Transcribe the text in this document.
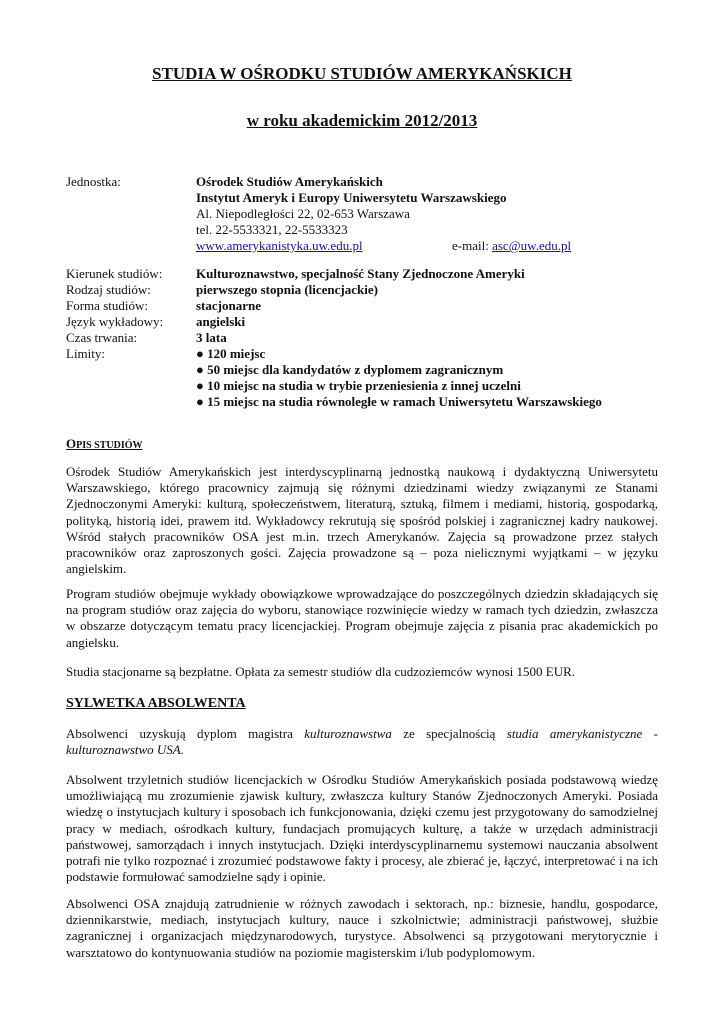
STUDIA W OŚRODKU STUDIÓW AMERYKAŃSKICH
w roku akademickim 2012/2013
Jednostka:	Ośrodek Studiów Amerykańskich
Instytut Ameryk i Europy Uniwersytetu Warszawskiego
Al. Niepodległości 22, 02-653 Warszawa
tel. 22-5533321, 22-5533323
www.amerykanistyka.uw.edu.pl	e-mail: asc@uw.edu.pl
Kierunek studiów:	Kulturoznawstwo, specjalność Stany Zjednoczone Ameryki
Rodzaj studiów:	pierwszego stopnia (licencjackie)
Forma studiów:	stacjonarne
Język wykładowy:	angielski
Czas trwania:	3 lata
Limity:	● 120 miejsc
● 50 miejsc dla kandydatów z dyplomem zagranicznym
● 10 miejsc na studia w trybie przeniesienia z innej uczelni
● 15 miejsc na studia równoległe w ramach Uniwersytetu Warszawskiego
OPIS STUDIÓW
Ośrodek Studiów Amerykańskich jest interdyscyplinarną jednostką naukową i dydaktyczną Uniwersytetu Warszawskiego, którego pracownicy zajmują się różnymi dziedzinami wiedzy związanymi ze Stanami Zjednoczonymi Ameryki: kulturą, społeczeństwem, literaturą, sztuką, filmem i mediami, historią, gospodarką, polityką, historią idei, prawem itd. Wykładowcy rekrutują się spośród polskiej i zagranicznej kadry naukowej. Wśród stałych pracowników OSA jest m.in. trzech Amerykanów. Zajęcia są prowadzone przez stałych pracowników oraz zaproszonych gości. Zajęcia prowadzone są – poza nielicznymi wyjątkami – w języku angielskim.
Program studiów obejmuje wykłady obowiązkowe wprowadzające do poszczególnych dziedzin składających się na program studiów oraz zajęcia do wyboru, stanowiące rozwinięcie wiedzy w ramach tych dziedzin, zwłaszcza w obszarze dotyczącym tematu pracy licencjackiej. Program obejmuje zajęcia z pisania prac akademickich po angielsku.
Studia stacjonarne są bezpłatne. Opłata za semestr studiów dla cudzoziemców wynosi 1500 EUR.
SYLWETKA ABSOLWENTA
Absolwenci uzyskują dyplom magistra kulturoznawstwa ze specjalnością studia amerykanistyczne - kulturoznawstwo USA.
Absolwent trzyletnich studiów licencjackich w Ośrodku Studiów Amerykańskich posiada podstawową wiedzę umożliwiającą mu zrozumienie zjawisk kultury, zwłaszcza kultury Stanów Zjednoczonych Ameryki. Posiada wiedzę o instytucjach kultury i sposobach ich funkcjonowania, dzięki czemu jest przygotowany do samodzielnej pracy w mediach, ośrodkach kultury, fundacjach promujących kulturę, a także w urzędach administracji państwowej, samorządach i innych instytucjach. Dzięki interdyscyplinarnemu systemowi nauczania absolwent potrafi nie tylko rozpoznać i zrozumieć podstawowe fakty i procesy, ale zbierać je, łączyć, interpretować i na ich podstawie formułować samodzielne sądy i opinie.
Absolwenci OSA znajdują zatrudnienie w różnych zawodach i sektorach, np.: biznesie, handlu, gospodarce, dziennikarstwie, mediach, instytucjach kultury, nauce i szkolnictwie; administracji państwowej, służbie zagranicznej i organizacjach międzynarodowych, turystyce. Absolwenci są przygotowani merytorycznie i warsztatowo do kontynuowania studiów na poziomie magisterskim i/lub podyplomowym.
